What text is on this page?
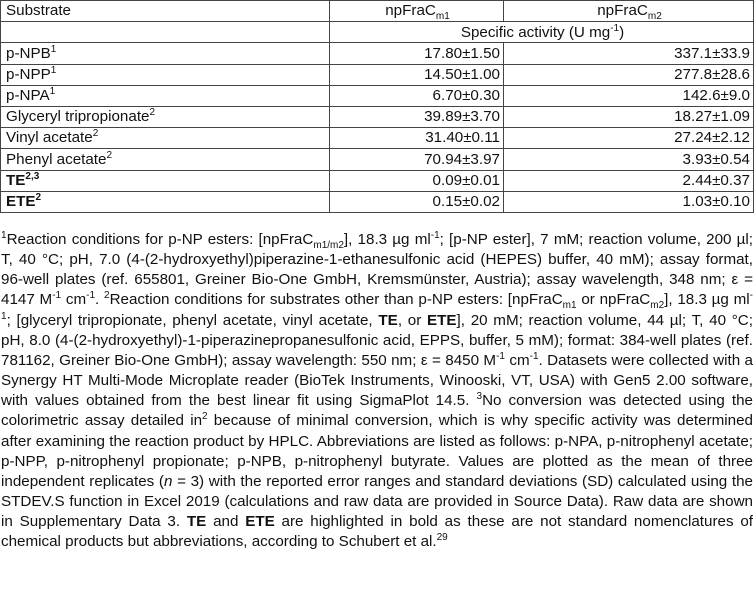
Substrate	npFraC$_{m1}$	npFraC$_{m2}$
	Specific activity (U $mg^{-1}$)	
p-NPB$^1$	17.80±1.50	337.1±33.9
p-NPP$^1$	14.50±1.00	277.8±28.6
p-NPA$^1$	6.70±0.30	142.6±9.0
Glyceryl tripropionate$^2$	39.89±3.70	18.27±1.09
Vinyl acetate$^2$	31.40±0.11	27.24±2.12
Phenyl acetate$^2$	70.94±3.97	3.93±0.54
TE$^{2,3}$	0.09±0.01	2.44±0.37
ETE$^2$	0.15±0.02	1.03±0.10

$^1$Reaction conditions for p-NP esters: [npFraC$_{m1/m2}$], 18.3 µg $ml^{-1}$; [p-NP ester], 7 mM; reaction volume, 200 µl; T, 40 °C; pH, 7.0 (4-(2-hydroxyethyl)piperazine-1-ethanesulfonic acid (HEPES) buffer, 40 mM); assay format, 96-well plates (ref. 655801, Greiner Bio-One GmbH, Kremsmünster, Austria); assay wavelength, 348 nm; ε = 4147 $M^{-1}$ $cm^{-1}$. $^2$Reaction conditions for substrates other than p-NP esters: [npFraC$_{m1}$ or npFraC$_{m2}$], 18.3 µg $ml^{-1}$; [glyceryl tripropionate, phenyl acetate, vinyl acetate, TE, or ETE], 20 mM; reaction volume, 44 µl; T, 40 °C; pH, 8.0 (4-(2-hydroxyethyl)-1-piperazinepropanesulfonic acid, EPPS, buffer, 5 mM); format: 384-well plates (ref. 781162, Greiner Bio-One GmbH); assay wavelength: 550 nm; ε = 8450 $M^{-1}$ $cm^{-1}$. Datasets were collected with a Synergy HT Multi-Mode Microplate reader (BioTek Instruments, Winooski, VT, USA) with Gen5 2.00 software, with values obtained from the best linear fit using SigmaPlot 14.5. $^3$No conversion was detected using the colorimetric assay detailed $in^2$ because of minimal conversion, which is why specific activity was determined after examining the reaction product by HPLC. Abbreviations are listed as follows: p-NPA, p-nitrophenyl acetate; p-NPP, p-nitrophenyl propionate; p-NPB, p-nitrophenyl butyrate. Values are plotted as the mean of three independent replicates (n = 3) with the reported error ranges and standard deviations (SD) calculated using the STDEV.S function in Excel 2019 (calculations and raw data are provided in Source Data). Raw data are shown in Supplementary Data 3. TE and ETE are highlighted in bold as these are not standard nomenclatures of chemical products but abbreviations, according to Schubert et al.$^{29}$
